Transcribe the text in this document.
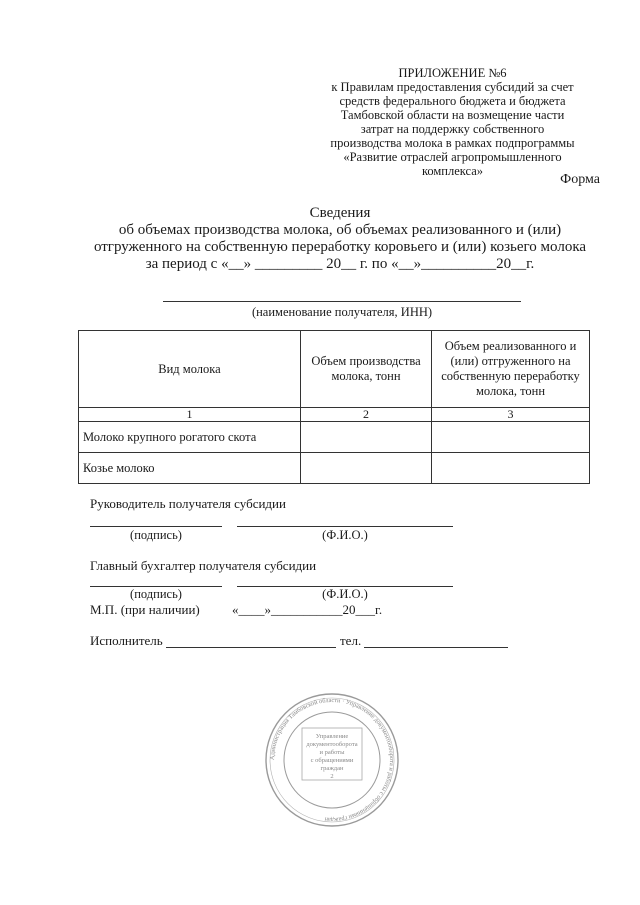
ПРИЛОЖЕНИЕ №6
к Правилам предоставления субсидий за счет
средств федерального бюджета и бюджета
Тамбовской области на возмещение части
затрат на поддержку собственного
производства молока в рамках подпрограммы
«Развитие отраслей агропромышленного
комплекса»
Форма
Сведения
об объемах производства молока, об объемах реализованного и (или)
отгруженного на собственную переработку коровьего и (или) козьего молока
за период с «__» _________ 20__ г. по «__»__________20__г.
(наименование получателя, ИНН)
Вид молока	Объем производства молока, тонн	Объем реализованного и (или) отгруженного на собственную переработку молока, тонн
1	2	3
Молоко крупного рогатого скота		
Козье молоко		
Руководитель получателя субсидии
(подпись)	(Ф.И.О.)
Главный бухгалтер получателя субсидии
(подпись)	(Ф.И.О.)
М.П. (при наличии) «____»___________20___г.
Исполнитель	тел.
Администрация Тамбовской области · Управление документооборота и работы с обращениями граждан
Управление
документооборота
и работы
с обращениями
граждан
2
